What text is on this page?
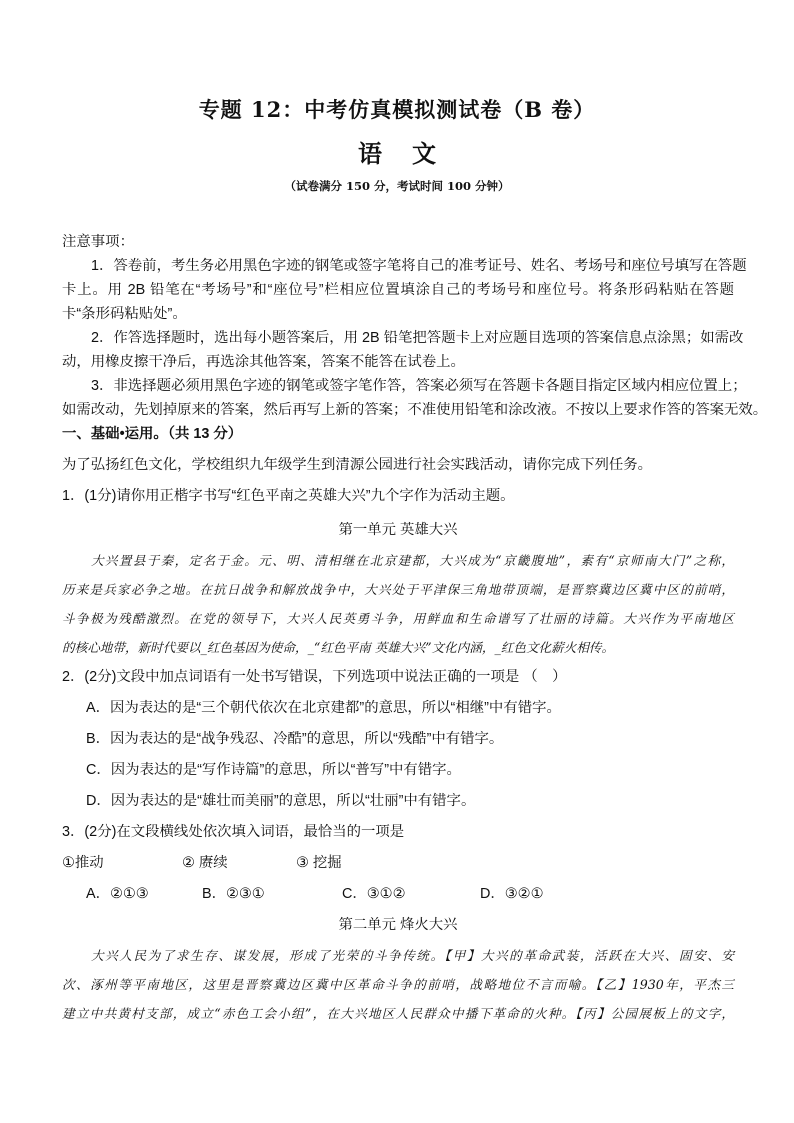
专题 12：中考仿真模拟测试卷（B 卷）
语文
（试卷满分 150 分，考试时间 100 分钟）
注意事项：
1．答卷前，考生务必用黑色字迹的钢笔或签字笔将自己的准考证号、姓名、考场号和座位号填写在答题
卡上。用 2B 铅笔在“考场号”和“座位号”栏相应位置填涂自己的考场号和座位号。将条形码粘贴在答题
卡“条形码粘贴处”。
2．作答选择题时，选出每小题答案后，用 2B 铅笔把答题卡上对应题目选项的答案信息点涂黑；如需改
动，用橡皮擦干净后，再选涂其他答案，答案不能答在试卷上。
3．非选择题必须用黑色字迹的钢笔或签字笔作答，答案必须写在答题卡各题目指定区域内相应位置上；
如需改动，先划掉原来的答案，然后再写上新的答案；不准使用铅笔和涂改液。不按以上要求作答的答案无效。
一、基础•运用。（共 13 分）
为了弘扬红色文化，学校组织九年级学生到清源公园进行社会实践活动，请你完成下列任务。
1．(1分)请你用正楷字书写“红色平南之英雄大兴”九个字作为活动主题。
第一单元 英雄大兴
大兴置县于秦，定名于金。元、明、清相继在北京建都，大兴成为“京畿腹地”，素有“京师南大门”之称，
历来是兵家必争之地。在抗日战争和解放战争中，大兴处于平津保三角地带顶端，是晋察冀边区冀中区的前哨，
斗争极为残酷激烈。在党的领导下，大兴人民英勇斗争，用鲜血和生命谱写了壮丽的诗篇。大兴作为平南地区
的核心地带，新时代要以_红色基因为使命，_“红色平南 英雄大兴”文化内涵，_红色文化薪火相传。
2．(2分)文段中加点词语有一处书写错误，下列选项中说法正确的一项是 （　）
A．因为表达的是“三个朝代依次在北京建都”的意思，所以“相继”中有错字。
B．因为表达的是“战争残忍、冷酷”的意思，所以“残酷”中有错字。
C．因为表达的是“写作诗篇”的意思，所以“普写”中有错字。
D．因为表达的是“雄壮而美丽”的意思，所以“壮丽”中有错字。
3．(2分)在文段横线处依次填入词语，最恰当的一项是
①推动	② 赓续	③ 挖掘
A．②①③	B．②③①	C．③①②	D．③②①
第二单元 烽火大兴
大兴人民为了求生存、谋发展，形成了光荣的斗争传统。【甲】大兴的革命武装，活跃在大兴、固安、安
次、涿州等平南地区，这里是晋察冀边区冀中区革命斗争的前哨，战略地位不言而喻。【乙】1930年，平杰三
建立中共黄村支部，成立“赤色工会小组”，在大兴地区人民群众中播下革命的火种。【丙】公园展板上的文字，
